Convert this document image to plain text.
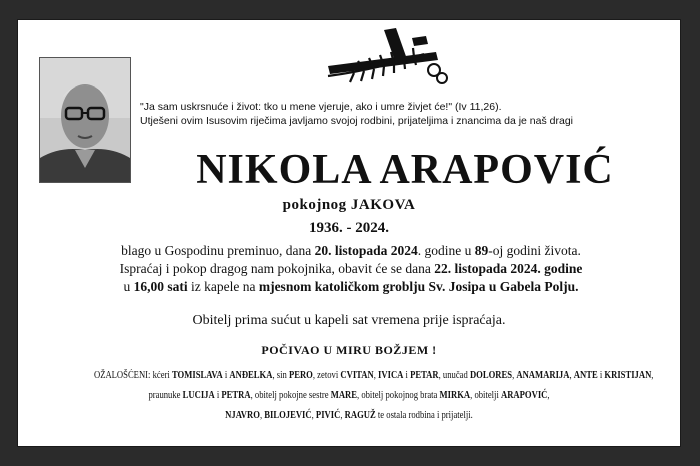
"Ja sam uskrsnuće i život: tko u mene vjeruje, ako i umre živjet će!" (Iv 11,26).
Utješeni ovim Isusovim riječima javljamo svojoj rodbini, prijateljima i znancima da je naš dragi
NIKOLA ARAPOVIĆ
pokojnog JAKOVA
1936. - 2024.
blago u Gospodinu preminuo, dana 20. listopada 2024. godine u 89-oj godini života.
Ispraćaj i pokop dragog nam pokojnika, obavit će se dana 22. listopada 2024. godine
u 16,00 sati iz kapele na mjesnom katoličkom groblju Sv. Josipa u Gabela Polju.
Obitelj prima sućut u kapeli sat vremena prije ispraćaja.
POČIVAO U MIRU BOŽJEM !
OŽALOŠĆENI: kćeri TOMISLAVA i ANĐELKA, sin PERO, zetovi CVITAN, IVICA i PETAR, unučad DOLORES, ANAMARIJA, ANTE i KRISTIJAN,
praunuke LUCIJA i PETRA, obitelj pokojne sestre MARE, obitelj pokojnog brata MIRKA, obitelji ARAPOVIĆ,
NJAVRO, BILOJEVIĆ, PIVIĆ, RAGUŽ te ostala rodbina i prijatelji.
